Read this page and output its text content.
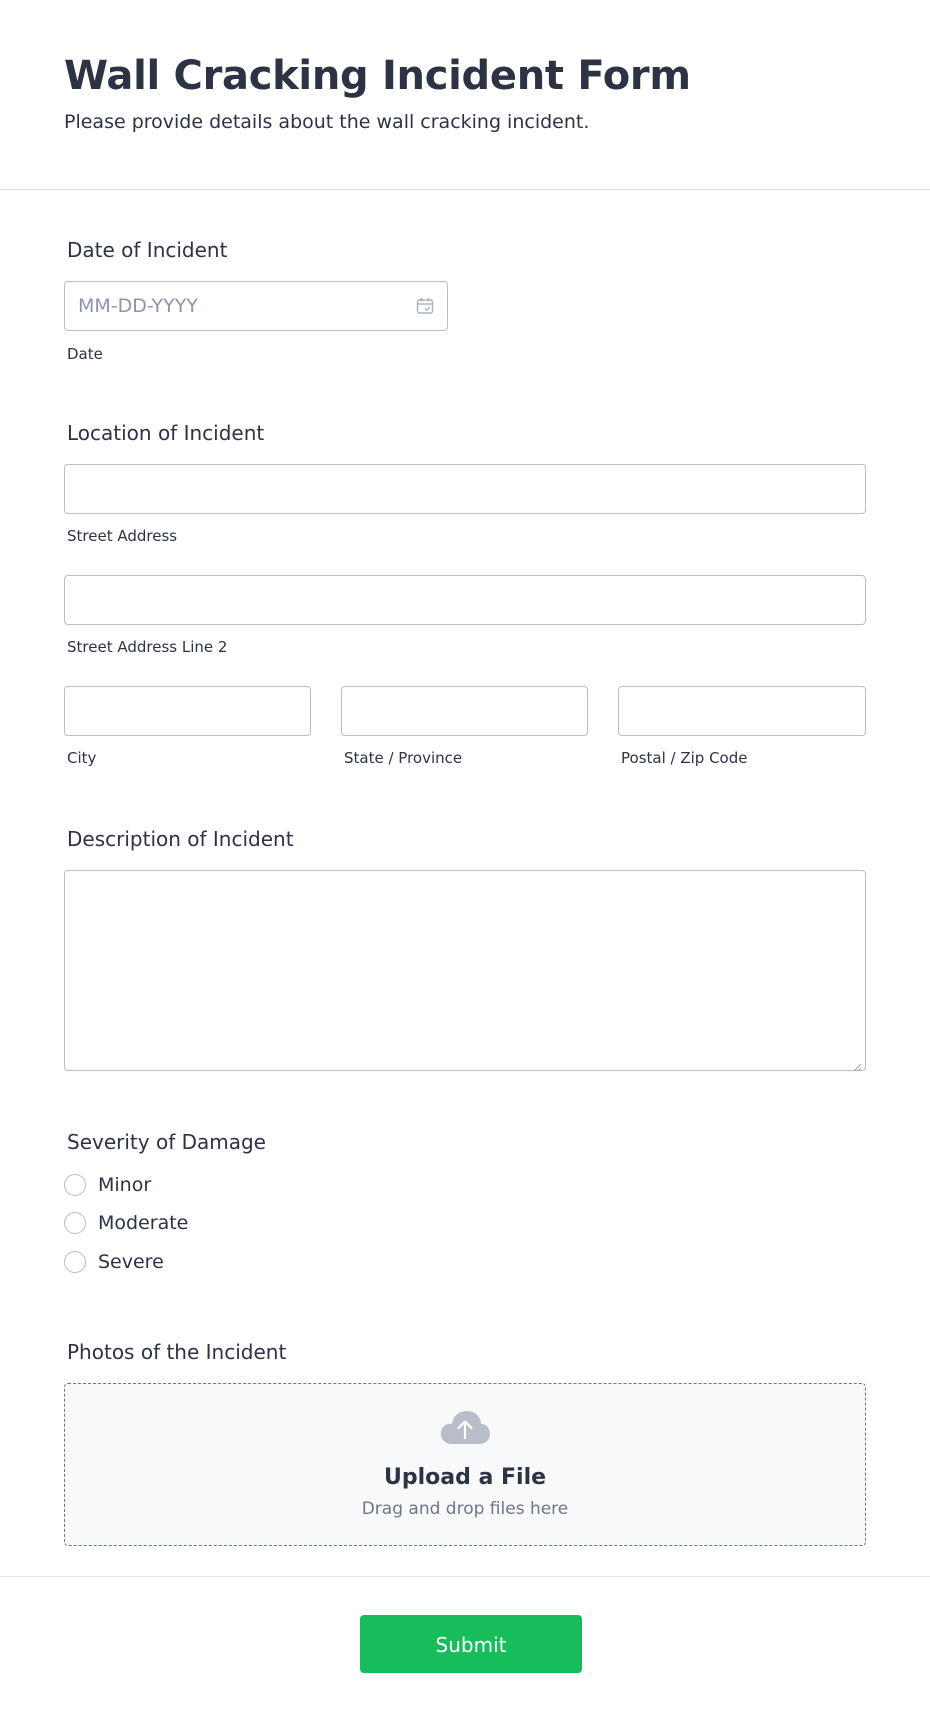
Wall Cracking Incident Form
Please provide details about the wall cracking incident.
Date of Incident
MM-DD-YYYY
Date
Location of Incident
Street Address
Street Address Line 2
City	State / Province	Postal / Zip Code
Description of Incident
Severity of Damage
Minor
Moderate
Severe
Photos of the Incident
Upload a File
Drag and drop files here
Submit
